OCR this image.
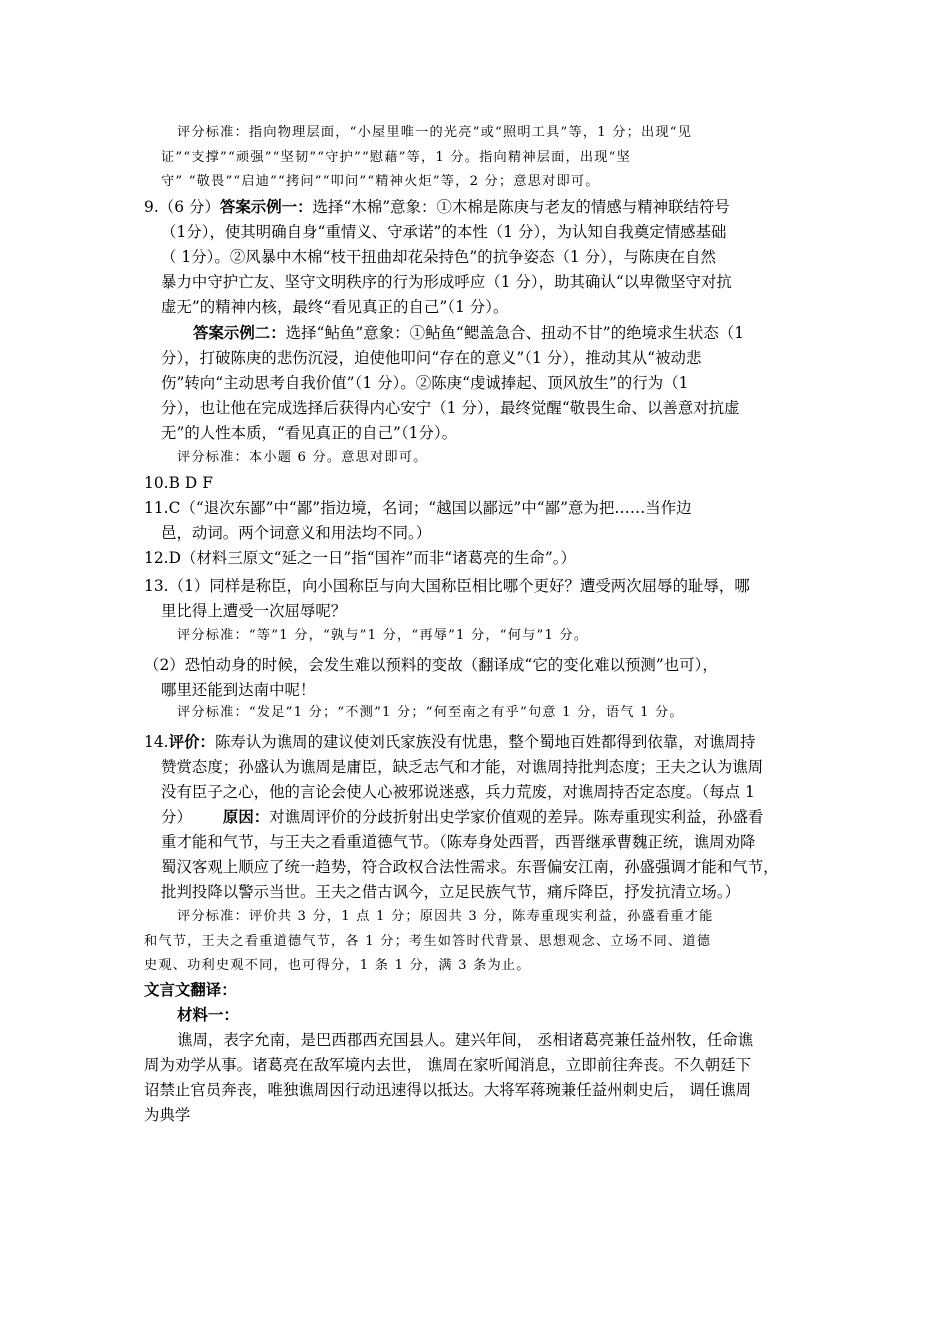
评分标准：指向物理层面，“小屋里唯一的光亮”或“照明工具”等，1 分；出现“见
证”“支撑”“顽强”“坚韧”“守护”“慰藉”等，1 分。指向精神层面，出现“坚
守” “敬畏”“启迪”“拷问”“叩问”“精神火炬”等，2 分；意思对即可。
9.（6 分）答案示例一：选择“木棉”意象：①木棉是陈庚与老友的情感与精神联结符号
（1分），使其明确自身“重情义、守承诺”的本性（1 分），为认知自我奠定情感基础
（ 1分）。②风暴中木棉“枝干扭曲却花朵持色”的抗争姿态（1 分），与陈庚在自然
暴力中守护亡友、坚守文明秩序的行为形成呼应（1 分），助其确认“以卑微坚守对抗
虚无”的精神内核，最终“看见真正的自己”（1 分）。
答案示例二：选择“鲇鱼”意象：①鲇鱼“鳃盖急合、扭动不甘”的绝境求生状态（1
分），打破陈庚的悲伤沉浸，迫使他叩问“存在的意义”（1 分），推动其从“被动悲
伤”转向“主动思考自我价值”（1 分）。②陈庚“虔诚捧起、顶风放生”的行为（1
分），也让他在完成选择后获得内心安宁（1 分），最终觉醒“敬畏生命、以善意对抗虚
无”的人性本质，“看见真正的自己”（1分）。
评分标准：本小题 6 分。意思对即可。
10.B D F
11.C（“退次东鄙”中“鄙”指边境，名词；“越国以鄙远”中“鄙”意为把……当作边
邑，动词。两个词意义和用法均不同。）
12.D（材料三原文“延之一日”指“国祚”而非“诸葛亮的生命”。）
13.（1）同样是称臣，向小国称臣与向大国称臣相比哪个更好？遭受两次屈辱的耻辱，哪
里比得上遭受一次屈辱呢？
评分标准：“等”1 分，“孰与”1 分，“再辱”1 分，“何与”1 分。
（2）恐怕动身的时候，会发生难以预料的变故（翻译成“它的变化难以预测”也可），
哪里还能到达南中呢！
评分标准：“发足”1 分；“不测”1 分；“何至南之有乎”句意 1 分，语气 1 分。
14.评价：陈寿认为谯周的建议使刘氏家族没有忧患，整个蜀地百姓都得到依靠，对谯周持
赞赏态度；孙盛认为谯周是庸臣，缺乏志气和才能，对谯周持批判态度；王夫之认为谯周
没有臣子之心，他的言论会使人心被邪说迷惑，兵力荒废，对谯周持否定态度。（每点 1
分） 原因：对谯周评价的分歧折射出史学家价值观的差异。陈寿重现实利益，孙盛看
重才能和气节，与王夫之看重道德气节。（陈寿身处西晋，西晋继承曹魏正统，谯周劝降
蜀汉客观上顺应了统一趋势，符合政权合法性需求。东晋偏安江南，孙盛强调才能和气节，
批判投降以警示当世。王夫之借古讽今，立足民族气节，痛斥降臣，抒发抗清立场。）
评分标准：评价共 3 分，1 点 1 分；原因共 3 分，陈寿重现实利益，孙盛看重才能
和气节，王夫之看重道德气节，各 1 分；考生如答时代背景、思想观念、立场不同、道德
史观、功利史观不同，也可得分，1 条 1 分，满 3 条为止。
文言文翻译：
材料一：
谯周，表字允南，是巴西郡西充国县人。建兴年间， 丞相诸葛亮兼任益州牧，任命谯
周为劝学从事。诸葛亮在敌军境内去世， 谯周在家听闻消息，立即前往奔丧。不久朝廷下
诏禁止官员奔丧，唯独谯周因行动迅速得以抵达。大将军蒋琬兼任益州刺史后， 调任谯周
为典学
